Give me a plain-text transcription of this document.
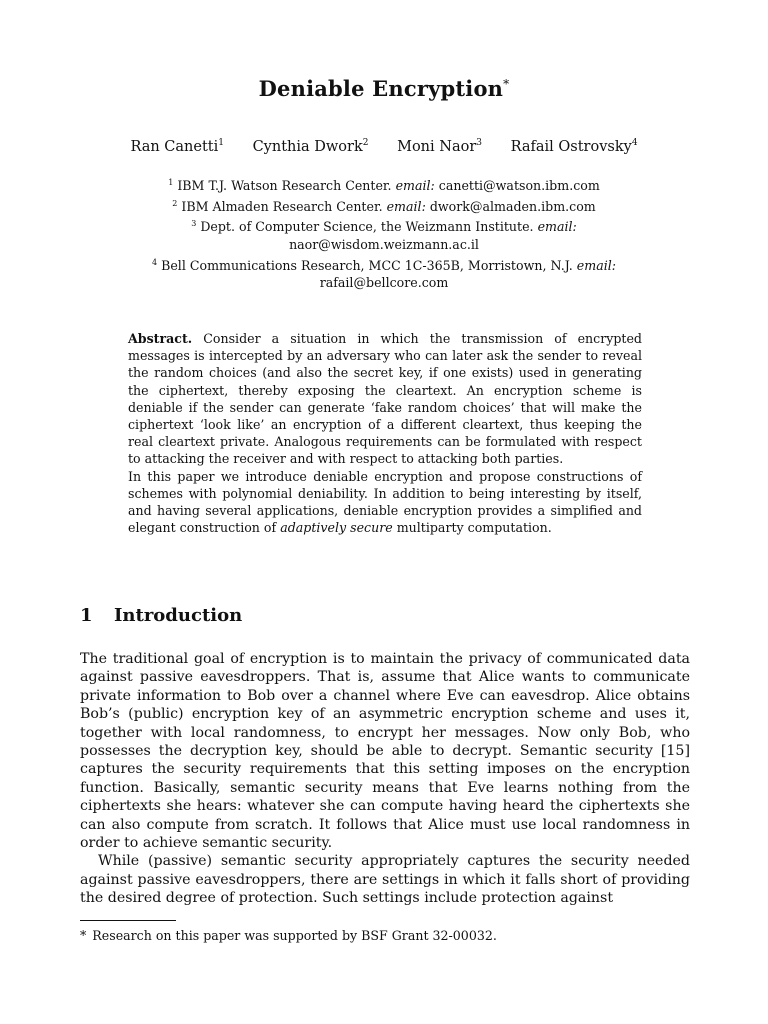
Deniable Encryption*
Ran Canetti$^1$ Cynthia Dwork$^2$ Moni Naor$^3$ Rafail Ostrovsky$^4$
$^1$ IBM T.J. Watson Research Center. email: canetti@watson.ibm.com
$^2$ IBM Almaden Research Center. email: dwork@almaden.ibm.com
$^3$ Dept. of Computer Science, the Weizmann Institute. email:
naor@wisdom.weizmann.ac.il
$^4$ Bell Communications Research, MCC 1C-365B, Morristown, N.J. email:
rafail@bellcore.com

Abstract. Consider a situation in which the transmission of encrypted messages is intercepted by an adversary who can later ask the sender to reveal the random choices (and also the secret key, if one exists) used in generating the ciphertext, thereby exposing the cleartext. An encryption scheme is deniable if the sender can generate ‘fake random choices’ that will make the ciphertext ‘look like’ an encryption of a different cleartext, thus keeping the real cleartext private. Analogous requirements can be formulated with respect to attacking the receiver and with respect to attacking both parties.

In this paper we introduce deniable encryption and propose constructions of schemes with polynomial deniability. In addition to being interesting by itself, and having several applications, deniable encryption provides a simplified and elegant construction of adaptively secure multiparty computation.

1 Introduction

The traditional goal of encryption is to maintain the privacy of communicated data against passive eavesdroppers. That is, assume that Alice wants to communicate private information to Bob over a channel where Eve can eavesdrop. Alice obtains Bob’s (public) encryption key of an asymmetric encryption scheme and uses it, together with local randomness, to encrypt her messages. Now only Bob, who possesses the decryption key, should be able to decrypt. Semantic security [15] captures the security requirements that this setting imposes on the encryption function. Basically, semantic security means that Eve learns nothing from the ciphertexts she hears: whatever she can compute having heard the ciphertexts she can also compute from scratch. It follows that Alice must use local randomness in order to achieve semantic security.

While (passive) semantic security appropriately captures the security needed against passive eavesdroppers, there are settings in which it falls short of providing the desired degree of protection. Such settings include protection against

* Research on this paper was supported by BSF Grant 32-00032.
